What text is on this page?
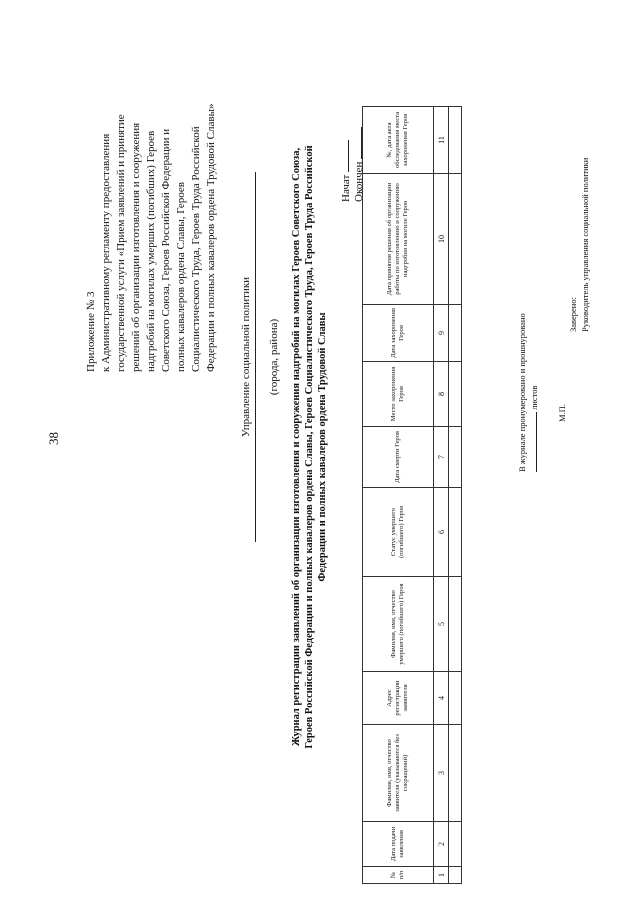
38
Приложение № 3 к Административному регламенту предоставления государственной услуги «Прием заявлений и принятие решений об организации изготовления и сооружения надгробий на могилах умерших (погибших) Героев Советского Союза, Героев Российской Федерации и полных кавалеров ордена Славы, Героев Социалистического Труда, Героев Труда Российской Федерации и полных кавалеров ордена Трудовой Славы» Управление социальной политики (города, района) Журнал регистрации заявлений об организации изготовления и сооружения надгробий на могилах Героев Советского Союза, Героев Российской Федерации и полных кавалеров ордена Славы, Героев Социалистического Труда, Героев Труда Российской Федерации и полных кавалеров ордена Трудовой Славы
Начат Окончен
№ п/п	Дата подачи заявления	Фамилия, имя, отчество заявителя (указываются без сокращений)	Адрес регистрации заявителя	Фамилия, имя, отчество умершего (погибшего) Героя	Статус умершего (погибшего) Героя	Дата смерти Героя	Место захоронения Героя	Дата захоронения Героя	Дата принятия решения об организации работы по изготовлению и сооружению надгробия на могиле Героя	№, дата акта обследования места захоронения Героя
1	2	3	4	5	6	7	8	9	10	11

В журнале пронумеровано и прошнуровано листов
М.П.
Заверено: Руководитель управления социальной политики
